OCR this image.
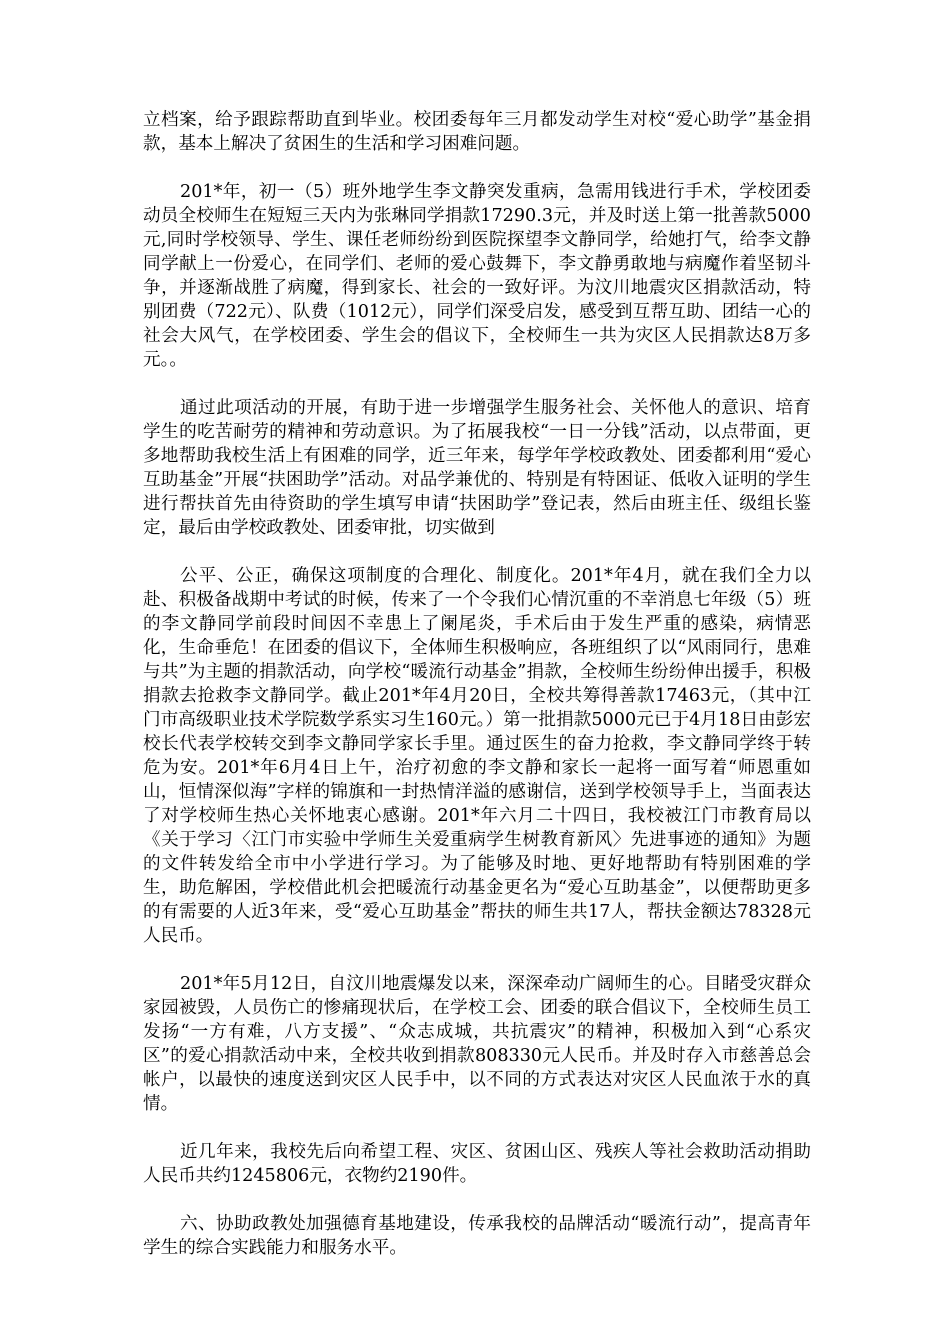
立档案，给予跟踪帮助直到毕业。校团委每年三月都发动学生对校“爱心助学”基金捐款，基本上解决了贫困生的生活和学习困难问题。

201*年，初一（5）班外地学生李文静突发重病，急需用钱进行手术，学校团委动员全校师生在短短三天内为张琳同学捐款17290.3元，并及时送上第一批善款5000元,同时学校领导、学生、课任老师纷纷到医院探望李文静同学，给她打气，给李文静同学献上一份爱心，在同学们、老师的爱心鼓舞下，李文静勇敢地与病魔作着坚韧斗争，并逐渐战胜了病魔，得到家长、社会的一致好评。为汶川地震灾区捐款活动，特别团费（722元）、队费（1012元），同学们深受启发，感受到互帮互助、团结一心的社会大风气，在学校团委、学生会的倡议下，全校师生一共为灾区人民捐款达8万多元。。

通过此项活动的开展，有助于进一步增强学生服务社会、关怀他人的意识、培育学生的吃苦耐劳的精神和劳动意识。为了拓展我校“一日一分钱”活动，以点带面，更多地帮助我校生活上有困难的同学，近三年来，每学年学校政教处、团委都利用“爱心互助基金”开展“扶困助学”活动。对品学兼优的、特别是有特困证、低收入证明的学生进行帮扶首先由待资助的学生填写申请“扶困助学”登记表，然后由班主任、级组长鉴定，最后由学校政教处、团委审批，切实做到

公平、公正，确保这项制度的合理化、制度化。201*年4月，就在我们全力以赴、积极备战期中考试的时候，传来了一个令我们心情沉重的不幸消息七年级（5）班的李文静同学前段时间因不幸患上了阑尾炎，手术后由于发生严重的感染，病情恶化，生命垂危！在团委的倡议下，全体师生积极响应，各班组织了以“风雨同行，患难与共”为主题的捐款活动，向学校“暖流行动基金”捐款，全校师生纷纷伸出援手，积极捐款去抢救李文静同学。截止201*年4月20日，全校共筹得善款17463元，（其中江门市高级职业技术学院数学系实习生160元。）第一批捐款5000元已于4月18日由彭宏校长代表学校转交到李文静同学家长手里。通过医生的奋力抢救，李文静同学终于转危为安。201*年6月4日上午，治疗初愈的李文静和家长一起将一面写着“师恩重如山，恒情深似海”字样的锦旗和一封热情洋溢的感谢信，送到学校领导手上，当面表达了对学校师生热心关怀地衷心感谢。201*年六月二十四日，我校被江门市教育局以《关于学习〈江门市实验中学师生关爱重病学生树教育新风〉先进事迹的通知》为题的文件转发给全市中小学进行学习。为了能够及时地、更好地帮助有特别困难的学生，助危解困，学校借此机会把暖流行动基金更名为“爱心互助基金”，以便帮助更多的有需要的人近3年来，受“爱心互助基金”帮扶的师生共17人，帮扶金额达78328元人民币。

201*年5月12日，自汶川地震爆发以来，深深牵动广阔师生的心。目睹受灾群众家园被毁，人员伤亡的惨痛现状后，在学校工会、团委的联合倡议下，全校师生员工发扬“一方有难，八方支援”、“众志成城，共抗震灾”的精神，积极加入到“心系灾区”的爱心捐款活动中来，全校共收到捐款808330元人民币。并及时存入市慈善总会帐户，以最快的速度送到灾区人民手中，以不同的方式表达对灾区人民血浓于水的真情。

近几年来，我校先后向希望工程、灾区、贫困山区、残疾人等社会救助活动捐助人民币共约1245806元，衣物约2190件。

六、协助政教处加强德育基地建设，传承我校的品牌活动“暖流行动”，提高青年学生的综合实践能力和服务水平。
